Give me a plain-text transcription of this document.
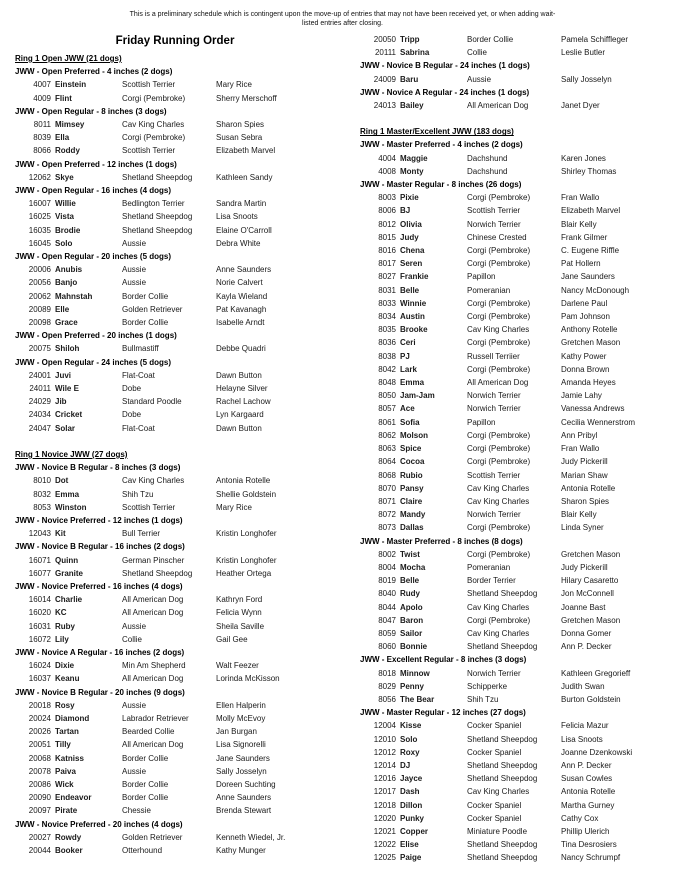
This is a preliminary schedule which is contingent upon the move-up of entries that may not have been received yet, or when adding wait-
listed entries after closing.
Friday Running Order
Ring 1 Open JWW (21 dogs)
JWW - Open Preferred - 4 inches (2 dogs)
4007 Einstein	Scottish Terrier	Mary Rice
4009 Flint	Corgi (Pembroke)	Sherry Merschoff
JWW - Open Regular - 8 inches (3 dogs)
8011 Mimsey	Cav King Charles	Sharon Spies
8039 Ella	Corgi (Pembroke)	Susan Sebra
8066 Roddy	Scottish Terrier	Elizabeth Marvel
JWW - Open Preferred - 12 inches (1 dogs)
12062 Skye	Shetland Sheepdog	Kathleen Sandy
JWW - Open Regular - 16 inches (4 dogs)
16007 Willie	Bedlington Terrier	Sandra Martin
16025 Vista	Shetland Sheepdog	Lisa Snoots
16035 Brodie	Shetland Sheepdog	Elaine O'Carroll
16045 Solo	Aussie	Debra White
JWW - Open Regular - 20 inches (5 dogs)
20006 Anubis	Aussie	Anne Saunders
20056 Banjo	Aussie	Norie Calvert
20062 Mahnstah	Border Collie	Kayla Wieland
20089 Elle	Golden Retriever	Pat Kavanagh
20098 Grace	Border Collie	Isabelle Arndt
JWW - Open Preferred - 20 inches (1 dogs)
20075 Shiloh	Bullmastiff	Debbe Quadri
JWW - Open Regular - 24 inches (5 dogs)
24001 Juvi	Flat-Coat	Dawn Button
24011 Wile E	Dobe	Helayne Silver
24029 Jib	Standard Poodle	Rachel Lachow
24034 Cricket	Dobe	Lyn Kargaard
24047 Solar	Flat-Coat	Dawn Button
Ring 1 Novice JWW (27 dogs)
JWW - Novice B Regular - 8 inches (3 dogs)
8010 Dot	Cav King Charles	Antonia Rotelle
8032 Emma	Shih Tzu	Shellie Goldstein
8053 Winston	Scottish Terrier	Mary Rice
JWW - Novice Preferred - 12 inches (1 dogs)
12043 Kit	Bull Terrier	Kristin Longhofer
JWW - Novice B Regular - 16 inches (2 dogs)
16071 Quinn	German Pinscher	Kristin Longhofer
16077 Granite	Shetland Sheepdog	Heather Ortega
JWW - Novice Preferred - 16 inches (4 dogs)
16014 Charlie	All American Dog	Kathryn Ford
16020 KC	All American Dog	Felicia Wynn
16031 Ruby	Aussie	Sheila Saville
16072 Lily	Collie	Gail Gee
JWW - Novice A Regular - 16 inches (2 dogs)
16024 Dixie	Min Am Shepherd	Walt Feezer
16037 Keanu	All American Dog	Lorinda McKisson
JWW - Novice B Regular - 20 inches (9 dogs)
20018 Rosy	Aussie	Ellen Halperin
20024 Diamond	Labrador Retriever	Molly McEvoy
20026 Tartan	Bearded Collie	Jan Burgan
20051 Tilly	All American Dog	Lisa Signorelli
20068 Katniss	Border Collie	Jane Saunders
20078 Paiva	Aussie	Sally Josselyn
20086 Wick	Border Collie	Doreen Suchting
20090 Endeavor	Border Collie	Anne Saunders
20097 Pirate	Chessie	Brenda Stewart
JWW - Novice Preferred - 20 inches (4 dogs)
20027 Rowdy	Golden Retriever	Kenneth Wiedel, Jr.
20044 Booker	Otterhound	Kathy Munger
20050 Tripp	Border Collie	Pamela Schiffleger
20111 Sabrina	Collie	Leslie Butler
JWW - Novice B Regular - 24 inches (1 dogs)
24009 Baru	Aussie	Sally Josselyn
JWW - Novice A Regular - 24 inches (1 dogs)
24013 Bailey	All American Dog	Janet Dyer
Ring 1 Master/Excellent JWW (183 dogs)
JWW - Master Preferred - 4 inches (2 dogs)
4004 Maggie	Dachshund	Karen Jones
4008 Monty	Dachshund	Shirley Thomas
JWW - Master Regular - 8 inches (26 dogs)
8003 Pixie	Corgi (Pembroke)	Fran Wallo
8006 BJ	Scottish Terrier	Elizabeth Marvel
8012 Olivia	Norwich Terrier	Blair Kelly
8015 Judy	Chinese Crested	Frank Gilmer
8016 Chena	Corgi (Pembroke)	C. Eugene Riffle
8017 Seren	Corgi (Pembroke)	Pat Hollern
8027 Frankie	Papillon	Jane Saunders
8031 Belle	Pomeranian	Nancy McDonough
8033 Winnie	Corgi (Pembroke)	Darlene Paul
8034 Austin	Corgi (Pembroke)	Pam Johnson
8035 Brooke	Cav King Charles	Anthony Rotelle
8036 Ceri	Corgi (Pembroke)	Gretchen Mason
8038 PJ	Russell Terriier	Kathy Power
8042 Lark	Corgi (Pembroke)	Donna Brown
8048 Emma	All American Dog	Amanda Heyes
8050 Jam-Jam	Norwich Terrier	Jamie Lahy
8057 Ace	Norwich Terrier	Vanessa Andrews
8061 Sofia	Papillon	Cecilia Wennerstrom
8062 Molson	Corgi (Pembroke)	Ann Pribyl
8063 Spice	Corgi (Pembroke)	Fran Wallo
8064 Cocoa	Corgi (Pembroke)	Judy Pickerill
8068 Rubio	Scottish Terrier	Marian Shaw
8070 Pansy	Cav King Charles	Antonia Rotelle
8071 Claire	Cav King Charles	Sharon Spies
8072 Mandy	Norwich Terrier	Blair Kelly
8073 Dallas	Corgi (Pembroke)	Linda Syner
JWW - Master Preferred - 8 inches (8 dogs)
8002 Twist	Corgi (Pembroke)	Gretchen Mason
8004 Mocha	Pomeranian	Judy Pickerill
8019 Belle	Border Terrier	Hilary Casaretto
8040 Rudy	Shetland Sheepdog	Jon McConnell
8044 Apolo	Cav King Charles	Joanne Bast
8047 Baron	Corgi (Pembroke)	Gretchen Mason
8059 Sailor	Cav King Charles	Donna Gomer
8060 Bonnie	Shetland Sheepdog	Ann P. Decker
JWW - Excellent Regular - 8 inches (3 dogs)
8018 Minnow	Norwich Terrier	Kathleen Gregorieff
8029 Penny	Schipperke	Judith Swan
8056 The Bear	Shih Tzu	Burton Goldstein
JWW - Master Regular - 12 inches (27 dogs)
12004 Kisse	Cocker Spaniel	Felicia Mazur
12010 Solo	Shetland Sheepdog	Lisa Snoots
12012 Roxy	Cocker Spaniel	Joanne Dzenkowski
12014 DJ	Shetland Sheepdog	Ann P. Decker
12016 Jayce	Shetland Sheepdog	Susan Cowles
12017 Dash	Cav King Charles	Antonia Rotelle
12018 Dillon	Cocker Spaniel	Martha Gurney
12020 Punky	Cocker Spaniel	Cathy Cox
12021 Copper	Miniature Poodle	Phillip Ulerich
12022 Elise	Shetland Sheepdog	Tina Desrosiers
12025 Paige	Shetland Sheepdog	Nancy Schrumpf
